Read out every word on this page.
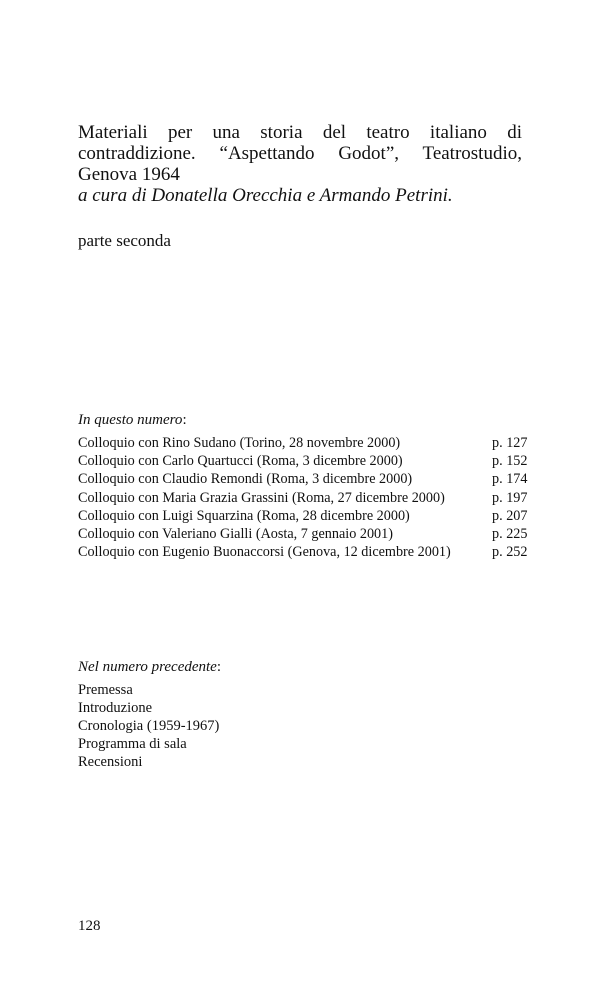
Materiali per una storia del teatro italiano di contraddizione. “Aspettando Godot”, Teatrostudio, Genova 1964
a cura di Donatella Orecchia e Armando Petrini.
parte seconda
In questo numero:
Colloquio con Rino Sudano (Torino, 28 novembre 2000)	p. 127
Colloquio con Carlo Quartucci (Roma, 3 dicembre 2000)	p. 152
Colloquio con Claudio Remondi (Roma, 3 dicembre 2000)	p. 174
Colloquio con Maria Grazia Grassini (Roma, 27 dicembre 2000)	p. 197
Colloquio con Luigi Squarzina (Roma, 28 dicembre 2000)	p. 207
Colloquio con Valeriano Gialli (Aosta, 7 gennaio 2001)	p. 225
Colloquio con Eugenio Buonaccorsi (Genova, 12 dicembre 2001)	p. 252
Nel numero precedente:
Premessa
Introduzione
Cronologia (1959-1967)
Programma di sala
Recensioni
128
